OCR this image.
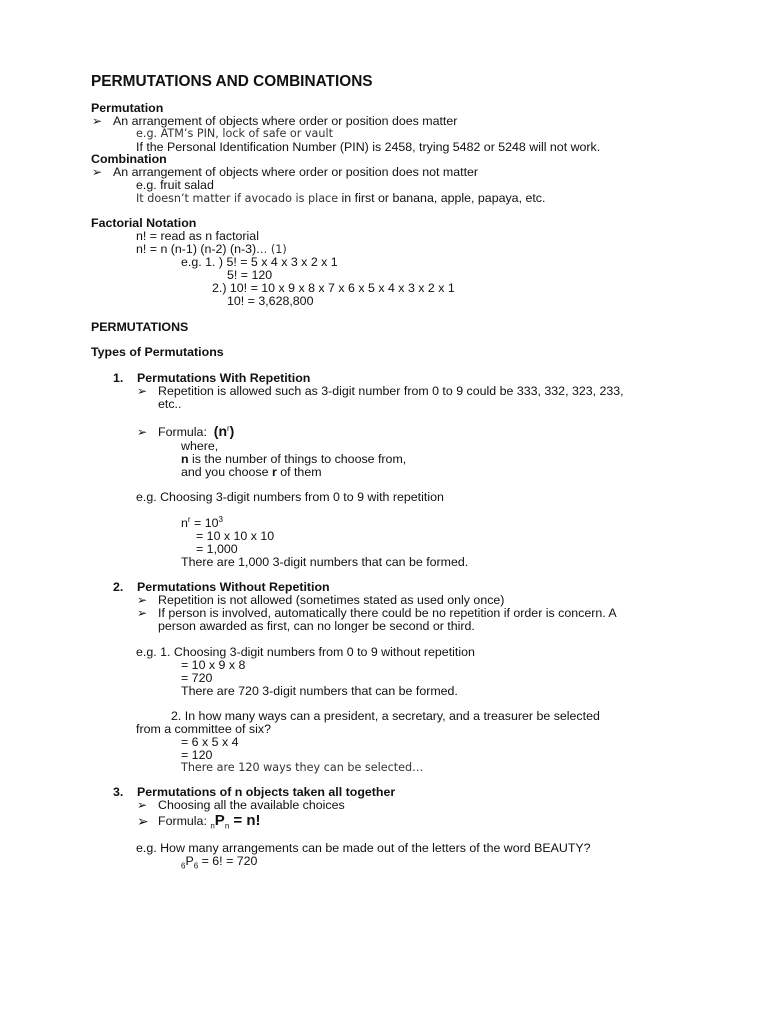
PERMUTATIONS AND COMBINATIONS
Permutation
➢ An arrangement of objects where order or position does matter
e.g. ATM’s PIN, lock of safe or vault
If the Personal Identification Number (PIN) is 2458, trying 5482 or 5248 will not work.
Combination
➢ An arrangement of objects where order or position does not matter
e.g. fruit salad
It doesn’t matter if avocado is place in first or banana, apple, papaya, etc.
Factorial Notation
n! = read as n factorial
n! = n (n-1) (n-2) (n-3)… (1)
e.g. 1. ) 5! = 5 x 4 x 3 x 2 x 1
5! = 120
2.) 10! = 10 x 9 x 8 x 7 x 6 x 5 x 4 x 3 x 2 x 1
10! = 3,628,800
PERMUTATIONS
Types of Permutations
1. Permutations With Repetition
➢ Repetition is allowed such as 3-digit number from 0 to 9 could be 333, 332, 323, 233,
etc..
➢ Formula: $(n^r)$
where,
n is the number of things to choose from,
and you choose r of them
e.g. Choosing 3-digit numbers from 0 to 9 with repetition
$n^r = 10^3$
= 10 x 10 x 10
= 1,000
There are 1,000 3-digit numbers that can be formed.
2. Permutations Without Repetition
➢ Repetition is not allowed (sometimes stated as used only once)
➢ If person is involved, automatically there could be no repetition if order is concern. A
person awarded as first, can no longer be second or third.
e.g. 1. Choosing 3-digit numbers from 0 to 9 without repetition
= 10 x 9 x 8
= 720
There are 720 3-digit numbers that can be formed.
2. In how many ways can a president, a secretary, and a treasurer be selected
from a committee of six?
= 6 x 5 x 4
= 120
There are 120 ways they can be selected…
3. Permutations of n objects taken all together
➢ Choosing all the available choices
➢ Formula: $_nP_n = n$!
e.g. How many arrangements can be made out of the letters of the word BEAUTY?
$_6P_6 = 6$! = 720
